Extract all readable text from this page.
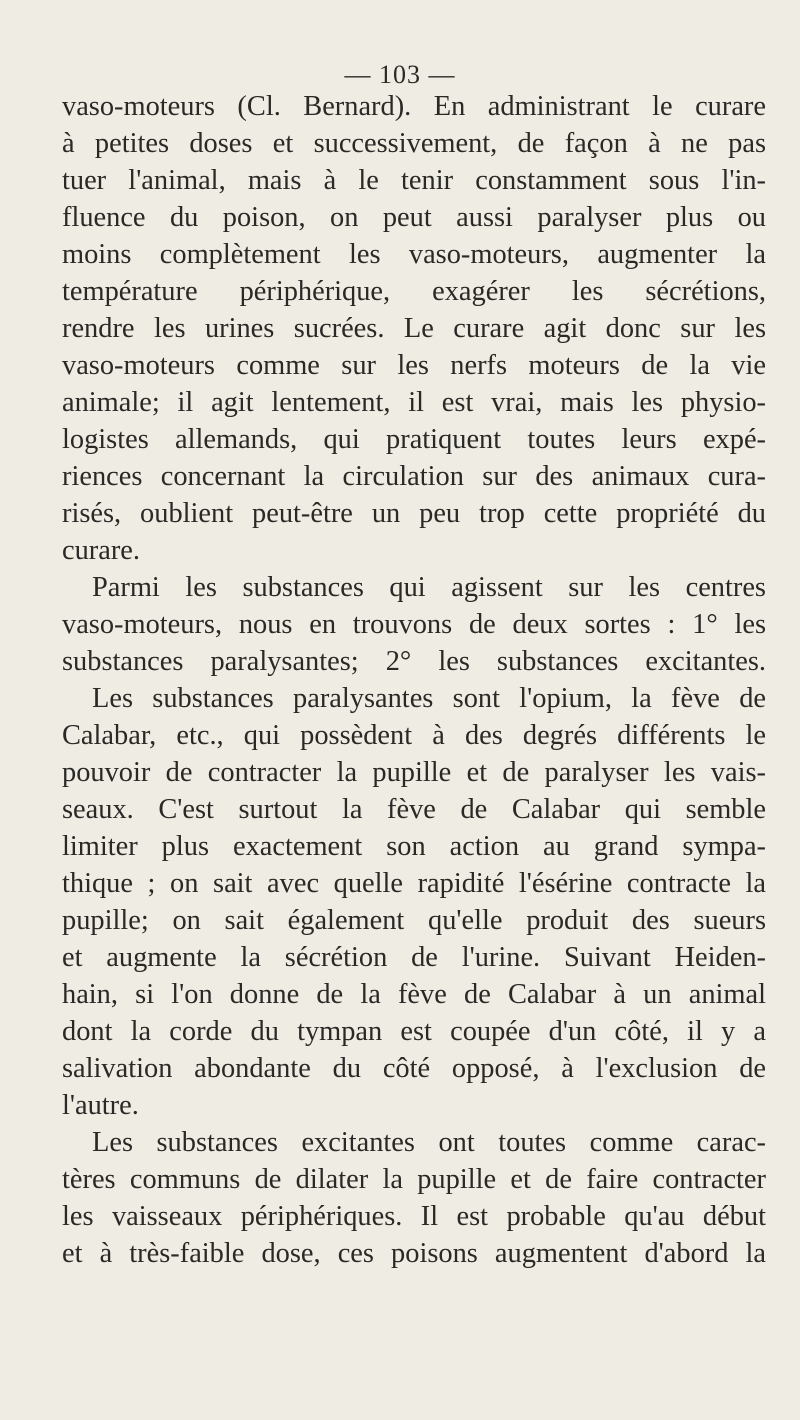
— 103 —
vaso-moteurs (Cl. Bernard). En administrant le curare
à petites doses et successivement, de façon à ne pas
tuer l'animal, mais à le tenir constamment sous l'in-
fluence du poison, on peut aussi paralyser plus ou
moins complètement les vaso-moteurs, augmenter la
température périphérique, exagérer les sécrétions,
rendre les urines sucrées. Le curare agit donc sur les
vaso-moteurs comme sur les nerfs moteurs de la vie
animale; il agit lentement, il est vrai, mais les physio-
logistes allemands, qui pratiquent toutes leurs expé-
riences concernant la circulation sur des animaux cura-
risés, oublient peut-être un peu trop cette propriété du
curare.
Parmi les substances qui agissent sur les centres
vaso-moteurs, nous en trouvons de deux sortes : 1° les
substances paralysantes; 2° les substances excitantes.
Les substances paralysantes sont l'opium, la fève de
Calabar, etc., qui possèdent à des degrés différents le
pouvoir de contracter la pupille et de paralyser les vais-
seaux. C'est surtout la fève de Calabar qui semble
limiter plus exactement son action au grand sympa-
thique ; on sait avec quelle rapidité l'ésérine contracte la
pupille; on sait également qu'elle produit des sueurs
et augmente la sécrétion de l'urine. Suivant Heiden-
hain, si l'on donne de la fève de Calabar à un animal
dont la corde du tympan est coupée d'un côté, il y a
salivation abondante du côté opposé, à l'exclusion de
l'autre.
Les substances excitantes ont toutes comme carac-
tères communs de dilater la pupille et de faire contracter
les vaisseaux périphériques. Il est probable qu'au début
et à très-faible dose, ces poisons augmentent d'abord la
